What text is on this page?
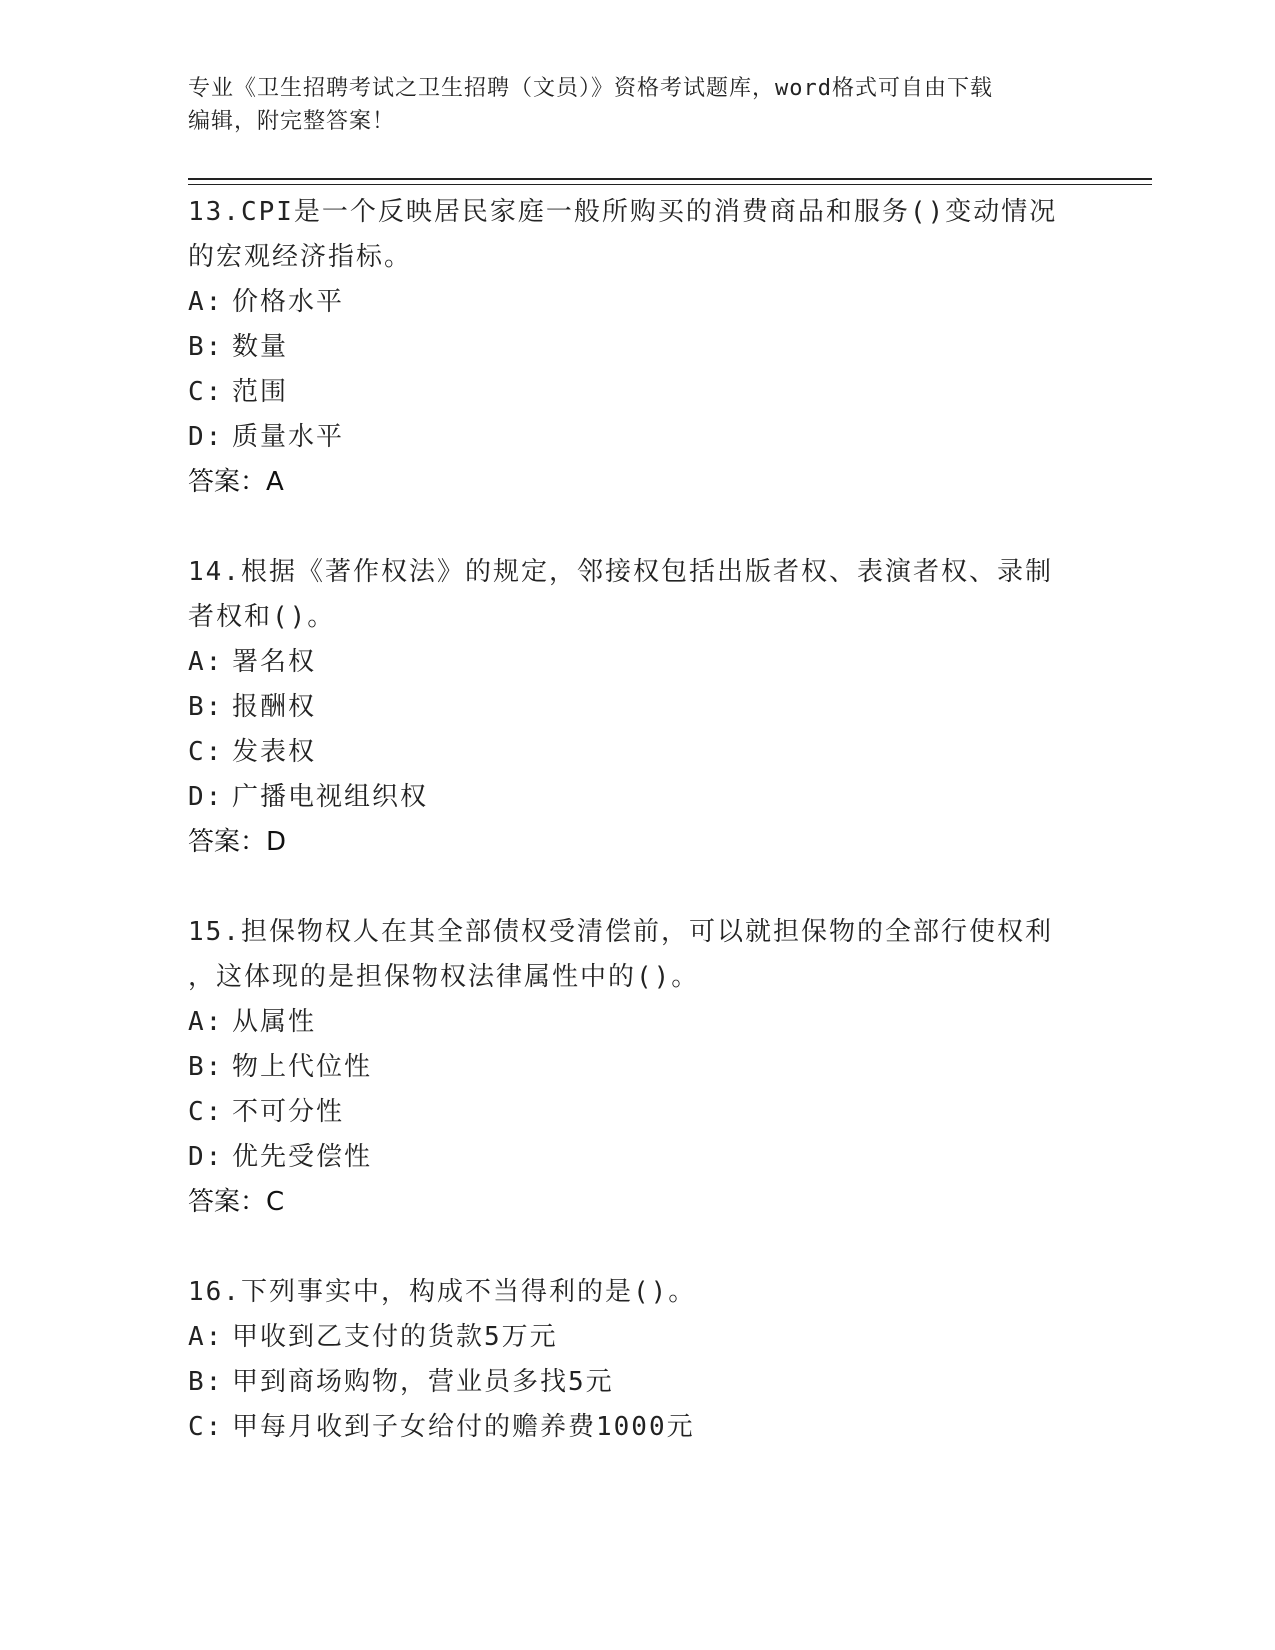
专业《卫生招聘考试之卫生招聘（文员）》资格考试题库，word格式可自由下载
编辑，附完整答案！

13.CPI是一个反映居民家庭一般所购买的消费商品和服务()变动情况

的宏观经济指标。

A: 价格水平

B: 数量

C: 范围

D: 质量水平

答案：A

14.根据《著作权法》的规定，邻接权包括出版者权、表演者权、录制

者权和()。

A: 署名权

B: 报酬权

C: 发表权

D: 广播电视组织权

答案：D

15.担保物权人在其全部债权受清偿前，可以就担保物的全部行使权利

，这体现的是担保物权法律属性中的()。

A: 从属性

B: 物上代位性

C: 不可分性

D: 优先受偿性

答案：C

16.下列事实中，构成不当得利的是()。

A: 甲收到乙支付的货款5万元

B: 甲到商场购物，营业员多找5元

C: 甲每月收到子女给付的赡养费1000元
